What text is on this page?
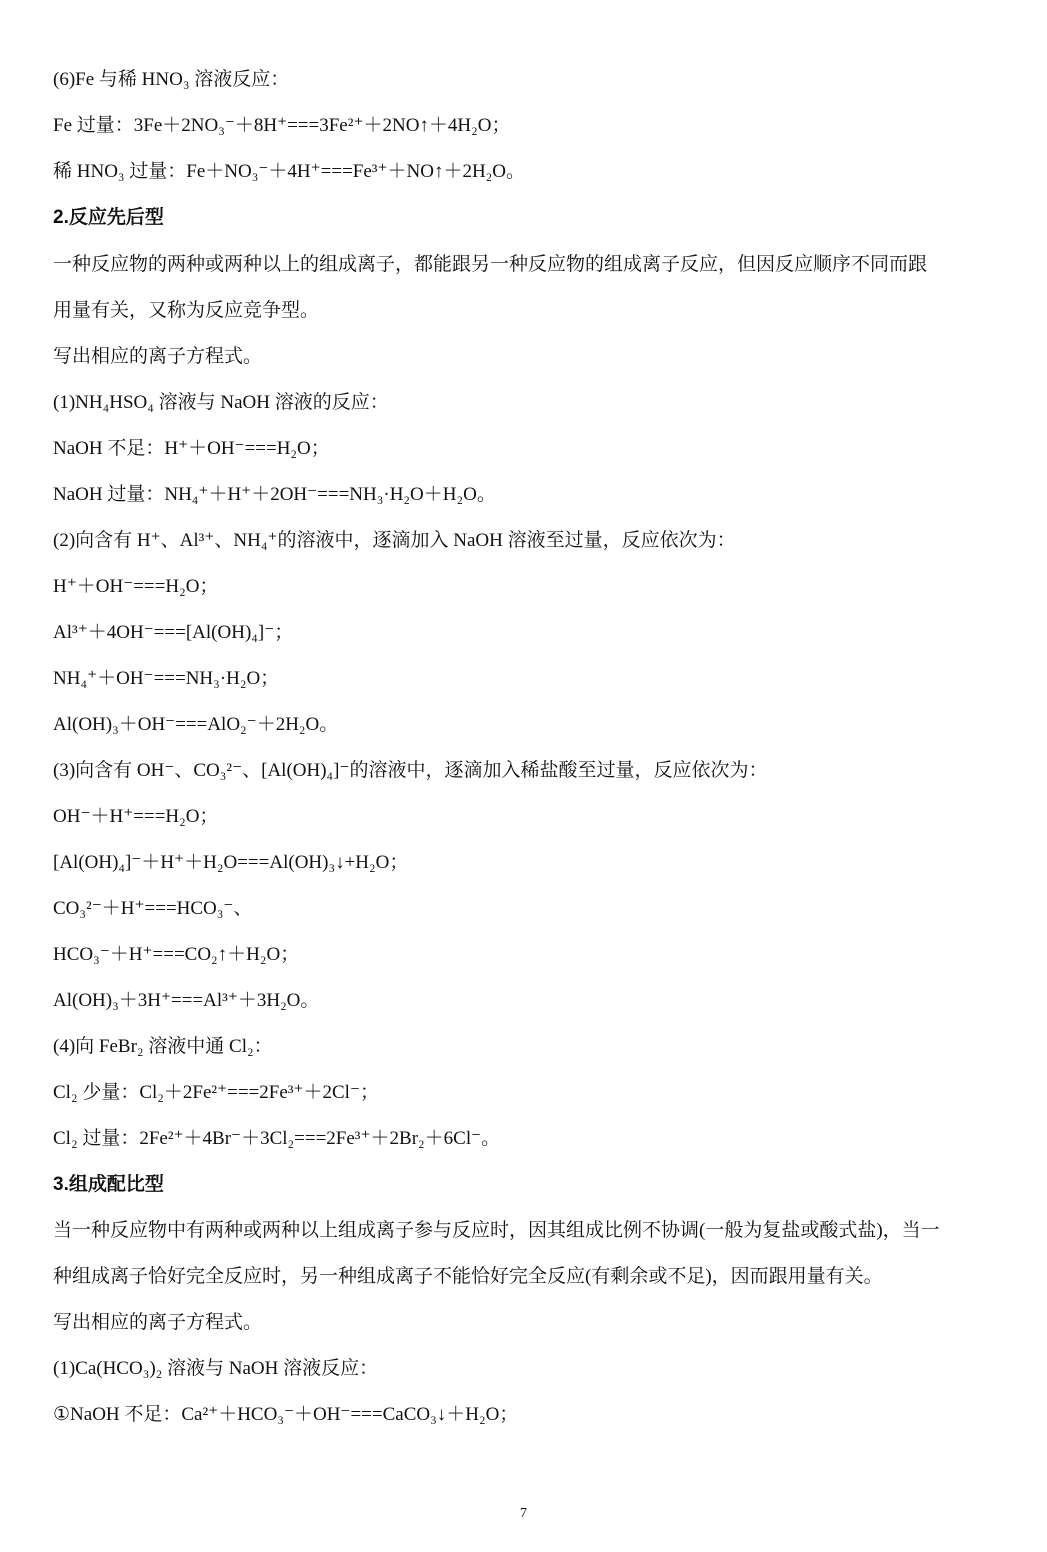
(6)Fe 与稀 HNO₃ 溶液反应：
Fe 过量：3Fe＋2NO₃⁻＋8H⁺===3Fe²⁺＋2NO↑＋4H₂O；
稀 HNO₃ 过量：Fe＋NO₃⁻＋4H⁺===Fe³⁺＋NO↑＋2H₂O。
2.反应先后型
一种反应物的两种或两种以上的组成离子，都能跟另一种反应物的组成离子反应，但因反应顺序不同而跟
用量有关，又称为反应竞争型。
写出相应的离子方程式。
(1)NH₄HSO₄ 溶液与 NaOH 溶液的反应：
NaOH 不足：H⁺＋OH⁻===H₂O；
NaOH 过量：NH₄⁺＋H⁺＋2OH⁻===NH₃·H₂O＋H₂O。
(2)向含有 H⁺、Al³⁺、NH₄⁺的溶液中，逐滴加入 NaOH 溶液至过量，反应依次为：
H⁺＋OH⁻===H₂O；
Al³⁺＋4OH⁻===[Al(OH)₄]⁻；
NH₄⁺＋OH⁻===NH₃·H₂O；
Al(OH)₃＋OH⁻===AlO₂⁻＋2H₂O。
(3)向含有 OH⁻、CO₃²⁻、[Al(OH)₄]⁻的溶液中，逐滴加入稀盐酸至过量，反应依次为：
OH⁻＋H⁺===H₂O；
[Al(OH)₄]⁻＋H⁺＋H₂O===Al(OH)₃↓+H₂O；
CO₃²⁻＋H⁺===HCO₃⁻、
HCO₃⁻＋H⁺===CO₂↑＋H₂O；
Al(OH)₃＋3H⁺===Al³⁺＋3H₂O。
(4)向 FeBr₂ 溶液中通 Cl₂：
Cl₂ 少量：Cl₂＋2Fe²⁺===2Fe³⁺＋2Cl⁻；
Cl₂ 过量：2Fe²⁺＋4Br⁻＋3Cl₂===2Fe³⁺＋2Br₂＋6Cl⁻。
3.组成配比型
当一种反应物中有两种或两种以上组成离子参与反应时，因其组成比例不协调(一般为复盐或酸式盐)，当一
种组成离子恰好完全反应时，另一种组成离子不能恰好完全反应(有剩余或不足)，因而跟用量有关。
写出相应的离子方程式。
(1)Ca(HCO₃)₂ 溶液与 NaOH 溶液反应：
①NaOH 不足：Ca²⁺＋HCO₃⁻＋OH⁻===CaCO₃↓＋H₂O；
7
